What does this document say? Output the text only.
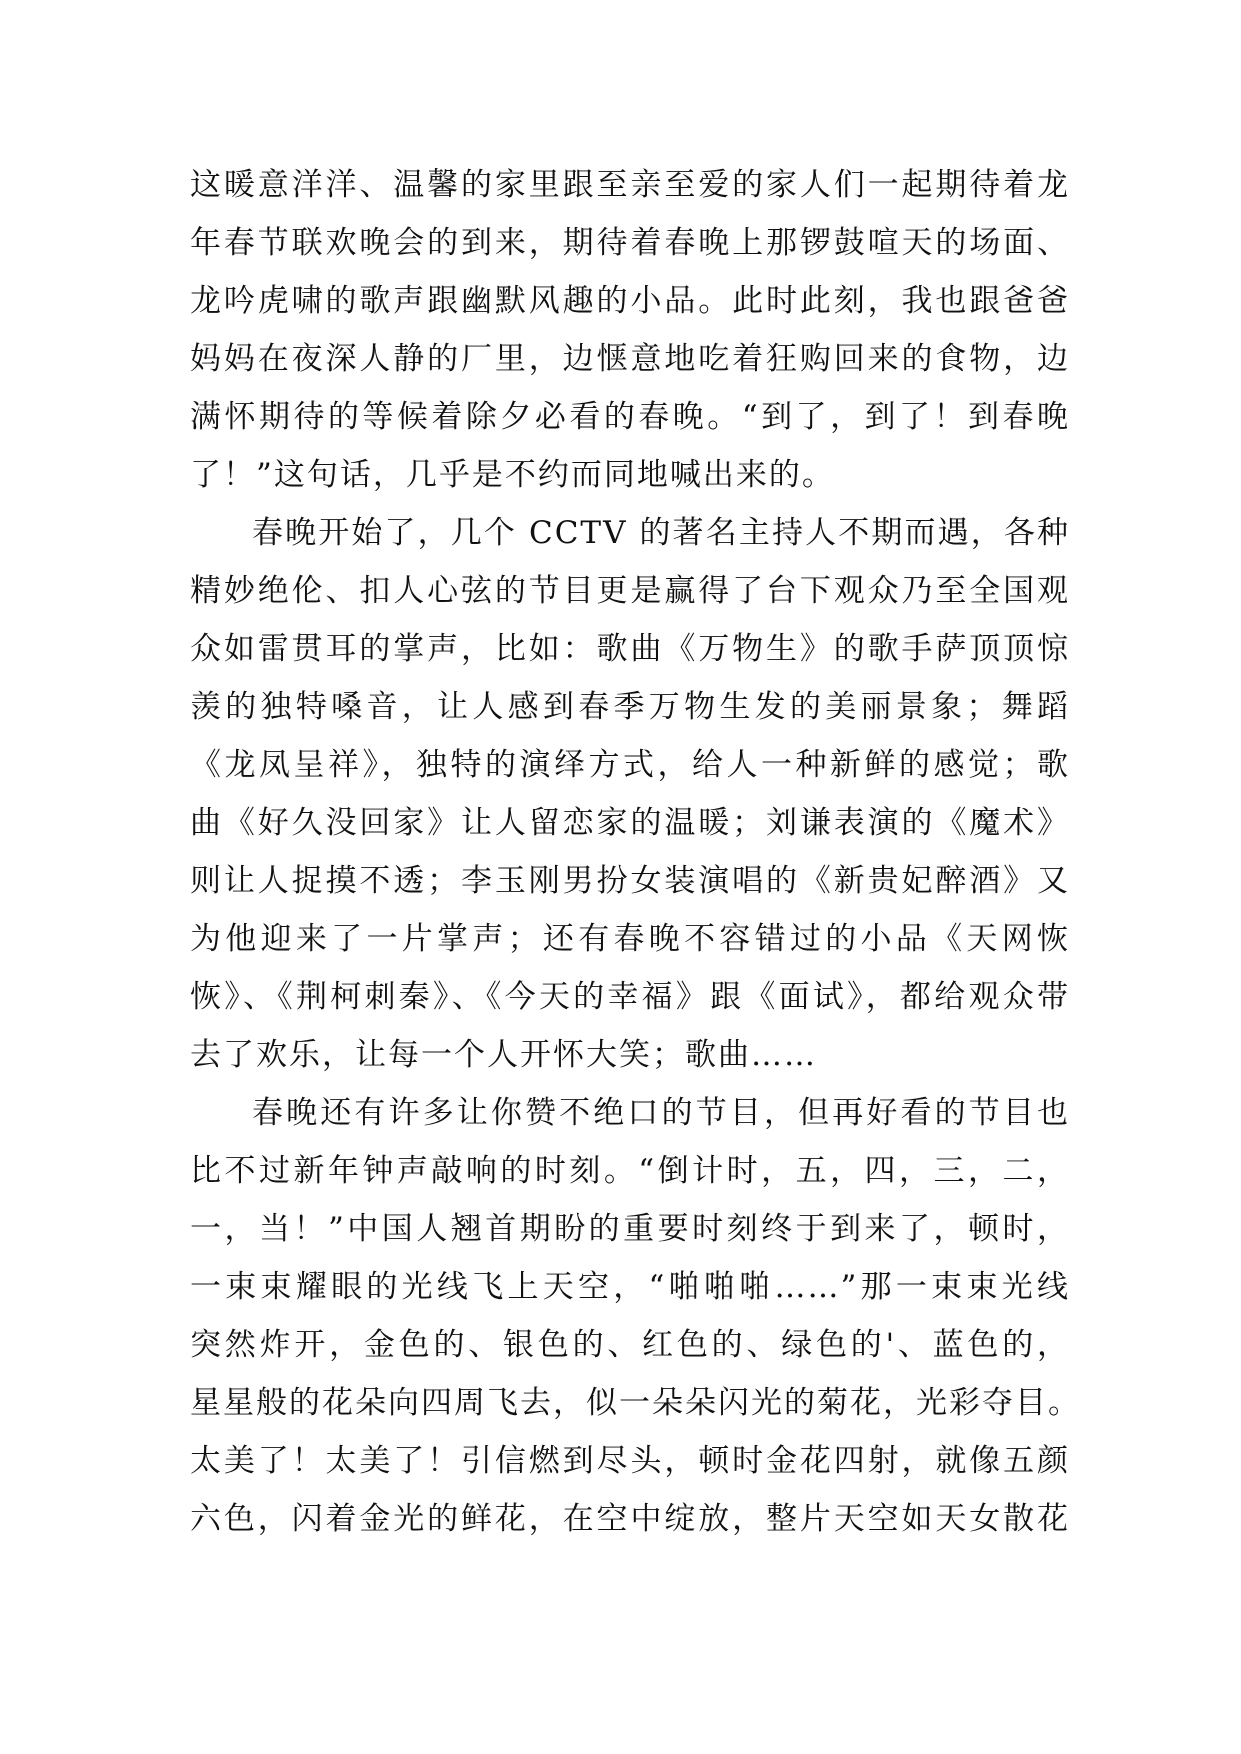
这暖意洋洋、温馨的家里跟至亲至爱的家人们一起期待着龙
年春节联欢晚会的到来，期待着春晚上那锣鼓喧天的场面、
龙吟虎啸的歌声跟幽默风趣的小品。此时此刻，我也跟爸爸
妈妈在夜深人静的厂里，边惬意地吃着狂购回来的食物，边
满怀期待的等候着除夕必看的春晚。“到了，到了！到春晚
了！”这句话，几乎是不约而同地喊出来的。
春晚开始了，几个 CCTV 的著名主持人不期而遇，各种
精妙绝伦、扣人心弦的节目更是赢得了台下观众乃至全国观
众如雷贯耳的掌声，比如：歌曲《万物生》的歌手萨顶顶惊
羡的独特嗓音，让人感到春季万物生发的美丽景象；舞蹈
《龙凤呈祥》，独特的演绎方式，给人一种新鲜的感觉；歌
曲《好久没回家》让人留恋家的温暖；刘谦表演的《魔术》
则让人捉摸不透；李玉刚男扮女装演唱的《新贵妃醉酒》又
为他迎来了一片掌声；还有春晚不容错过的小品《天网恢
恢》、《荆柯刺秦》、《今天的幸福》跟《面试》，都给观众带
去了欢乐，让每一个人开怀大笑；歌曲……
春晚还有许多让你赞不绝口的节目，但再好看的节目也
比不过新年钟声敲响的时刻。“倒计时，五，四，三，二，
一，当！”中国人翘首期盼的重要时刻终于到来了，顿时，
一束束耀眼的光线飞上天空，“啪啪啪……”那一束束光线
突然炸开，金色的、银色的、红色的、绿色的'、蓝色的，
星星般的花朵向四周飞去，似一朵朵闪光的菊花，光彩夺目。
太美了！太美了！引信燃到尽头，顿时金花四射，就像五颜
六色，闪着金光的鲜花，在空中绽放，整片天空如天女散花
